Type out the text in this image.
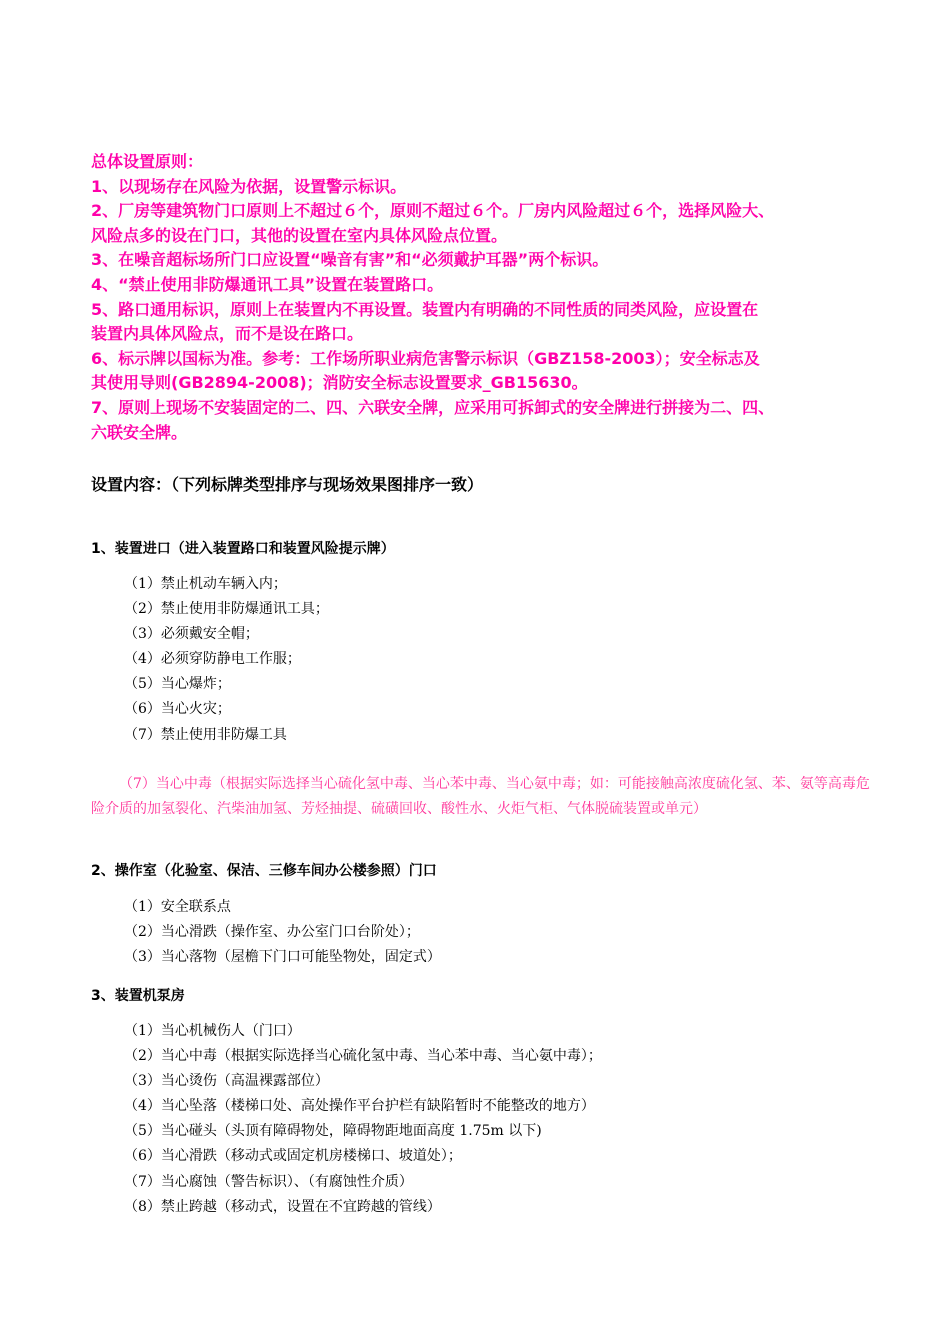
总体设置原则：
1、以现场存在风险为依据，设置警示标识。
2、厂房等建筑物门口原则上不超过６个，原则不超过６个。厂房内风险超过６个，选择风险大、
风险点多的设在门口，其他的设置在室内具体风险点位置。
3、在噪音超标场所门口应设置“噪音有害”和“必须戴护耳器”两个标识。
4、“禁止使用非防爆通讯工具”设置在装置路口。
5、路口通用标识，原则上在装置内不再设置。装置内有明确的不同性质的同类风险，应设置在
装置内具体风险点，而不是设在路口。
6、标示牌以国标为准。参考：工作场所职业病危害警示标识（GBZ158-2003）；安全标志及
其使用导则(GB2894-2008)；消防安全标志设置要求_GB15630。
7、原则上现场不安装固定的二、四、六联安全牌，应采用可拆卸式的安全牌进行拼接为二、四、
六联安全牌。
设置内容：（下列标牌类型排序与现场效果图排序一致）
1、装置进口（进入装置路口和装置风险提示牌）
（1）禁止机动车辆入内；
（2）禁止使用非防爆通讯工具；
（3）必须戴安全帽；
（4）必须穿防静电工作服；
（5）当心爆炸；
（6）当心火灾；
（7）禁止使用非防爆工具
（7）当心中毒（根据实际选择当心硫化氢中毒、当心苯中毒、当心氨中毒；如：可能接触高浓度硫化氢、苯、氨等高毒危险介质的加氢裂化、汽柴油加氢、芳烃抽提、硫磺回收、酸性水、火炬气柜、气体脱硫装置或单元）
2、操作室（化验室、保洁、三修车间办公楼参照）门口
（1）安全联系点
（2）当心滑跌（操作室、办公室门口台阶处）；
（3）当心落物（屋檐下门口可能坠物处，固定式）
3、装置机泵房
（1）当心机械伤人（门口）
（2）当心中毒（根据实际选择当心硫化氢中毒、当心苯中毒、当心氨中毒）；
（3）当心烫伤（高温裸露部位）
（4）当心坠落（楼梯口处、高处操作平台护栏有缺陷暂时不能整改的地方）
（5）当心碰头（头顶有障碍物处，障碍物距地面高度 1.75m 以下)
（6）当心滑跌（移动式或固定机房楼梯口、坡道处）；
（7）当心腐蚀（警告标识）、（有腐蚀性介质）
（8）禁止跨越（移动式，设置在不宜跨越的管线）
